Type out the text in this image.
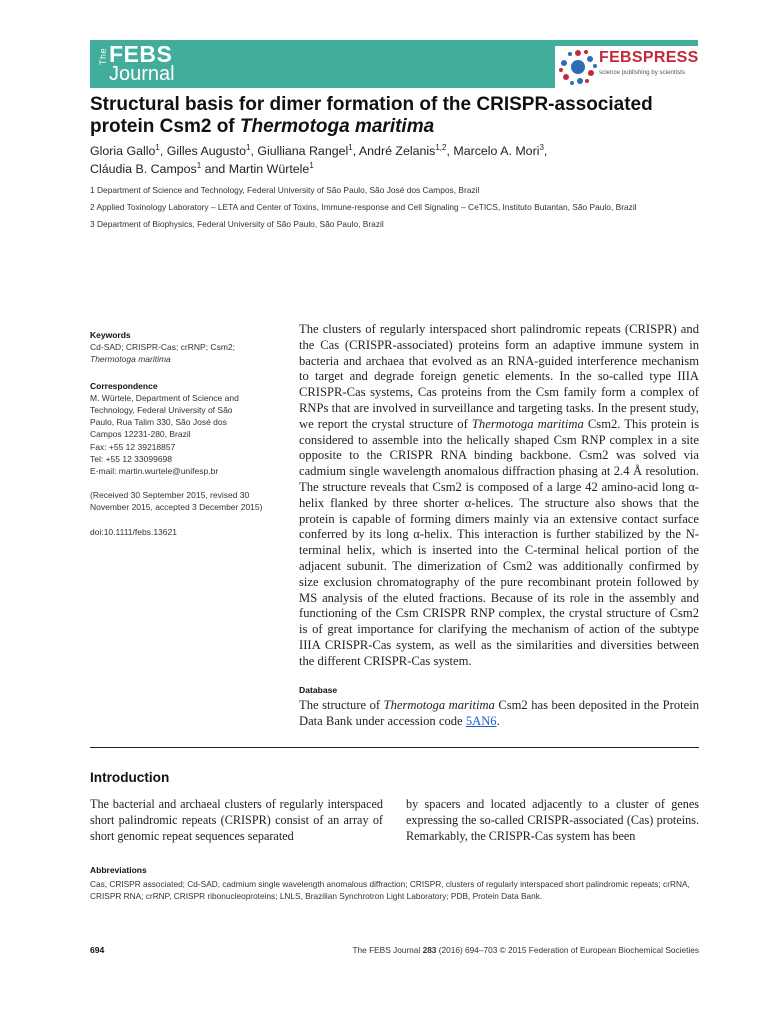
The FEBS
Journal
FEBSPRESS
science publishing by scientists
Structural basis for dimer formation of the CRISPR-associated protein Csm2 of Thermotoga maritima

Gloria Gallo$^1$, Gilles Augusto$^1$, Giulliana Rangel$^1$, André Zelanis$^{1,2}$, Marcelo A. Mori$^3$,
Cláudia B. Campos$^1$ and Martin Würtele$^1$

1 Department of Science and Technology, Federal University of São Paulo, São José dos Campos, Brazil

2 Applied Toxinology Laboratory – LETA and Center of Toxins, Immune-response and Cell Signaling – CeTICS, Instituto Butantan, São Paulo, Brazil

3 Department of Biophysics, Federal University of São Paulo, São Paulo, Brazil

Keywords

Cd-SAD; CRISPR-Cas; crRNP; Csm2;

Thermotoga maritima

Correspondence

M. Würtele, Department of Science and

Technology, Federal University of São

Paulo, Rua Talim 330, São José dos

Campos 12231-280, Brazil

Fax: +55 12 39218857

Tel: +55 12 33099698

E-mail: martin.wurtele@unifesp.br

(Received 30 September 2015, revised 30 November 2015, accepted 3 December 2015)

doi:10.1111/febs.13621

The clusters of regularly interspaced short palindromic repeats (CRISPR) and the Cas (CRISPR-associated) proteins form an adaptive immune system in bacteria and archaea that evolved as an RNA-guided interference mechanism to target and degrade foreign genetic elements. In the so-called type IIIA CRISPR-Cas systems, Cas proteins from the Csm family form a complex of RNPs that are involved in surveillance and targeting tasks. In the present study, we report the crystal structure of Thermotoga maritima Csm2. This protein is considered to assemble into the helically shaped Csm RNP complex in a site opposite to the CRISPR RNA binding backbone. Csm2 was solved via cadmium single wavelength anomalous diffraction phasing at 2.4 Å resolution. The structure reveals that Csm2 is composed of a large 42 amino-acid long α-helix flanked by three shorter α-helices. The structure also shows that the protein is capable of forming dimers mainly via an extensive contact surface conferred by its long α-helix. This interaction is further stabilized by the N-terminal helix, which is inserted into the C-terminal helical portion of the adjacent subunit. The dimerization of Csm2 was additionally confirmed by size exclusion chromatography of the pure recombinant protein followed by MS analysis of the eluted fractions. Because of its role in the assembly and functioning of the Csm CRISPR RNP complex, the crystal structure of Csm2 is of great importance for clarifying the mechanism of action of the subtype IIIA CRISPR-Cas system, as well as the similarities and diversities between the different CRISPR-Cas system.

Database

The structure of Thermotoga maritima Csm2 has been deposited in the Protein Data Bank under accession code 5AN6.

Introduction

The bacterial and archaeal clusters of regularly interspaced short palindromic repeats (CRISPR) consist of an array of short genomic repeat sequences separated

by spacers and located adjacently to a cluster of genes expressing the so-called CRISPR-associated (Cas) proteins. Remarkably, the CRISPR-Cas system has been

Abbreviations

Cas, CRISPR associated; Cd-SAD, cadmium single wavelength anomalous diffraction; CRISPR, clusters of regularly interspaced short palindromic repeats; crRNA, CRISPR RNA; crRNP, CRISPR ribonucleoproteins; LNLS, Brazilian Synchrotron Light Laboratory; PDB, Protein Data Bank.

694	The FEBS Journal 283 (2016) 694–703 © 2015 Federation of European Biochemical Societies
